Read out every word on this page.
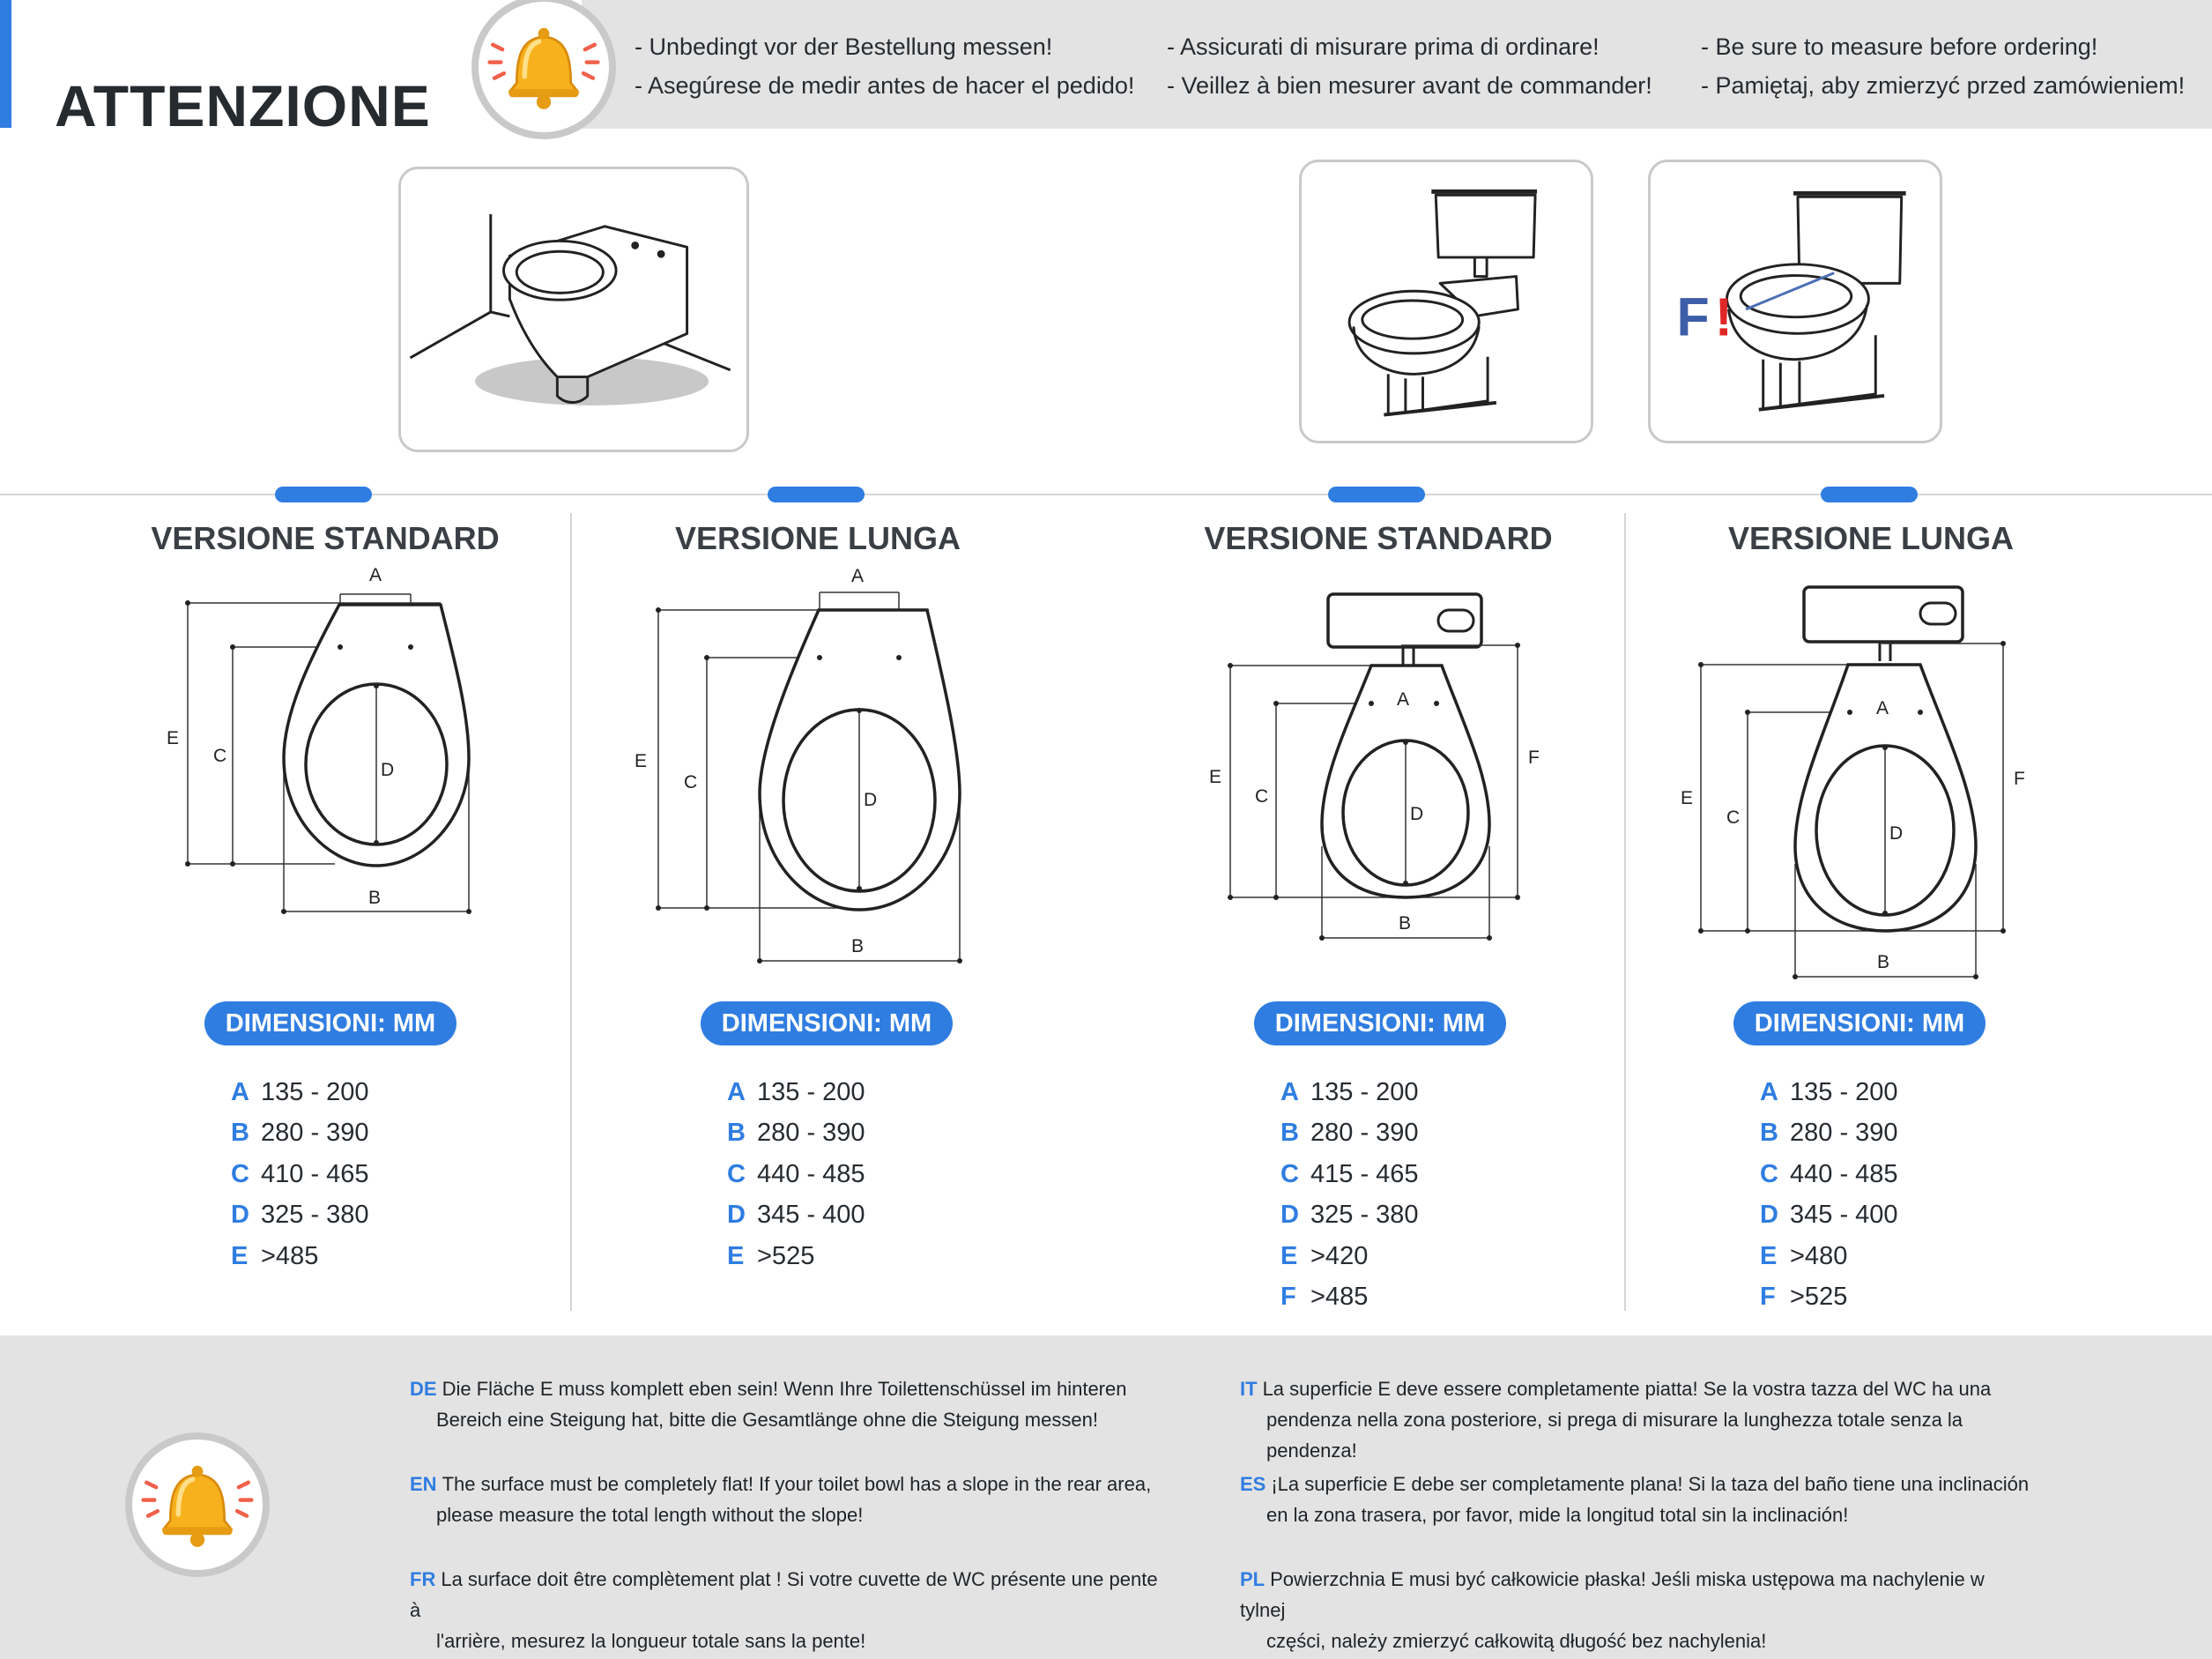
ATTENZIONE
- Unbedingt vor der Bestellung messen!
- Asegúrese de medir antes de hacer el pedido!
- Assicurati di misurare prima di ordinare!
- Veillez à bien mesurer avant de commander!
- Be sure to measure before ordering!
- Pamiętaj, aby zmierzyć przed zamówieniem!
F !
VERSIONE STANDARD	VERSIONE LUNGA	VERSIONE STANDARD	VERSIONE LUNGA
A
B
C
D
E
A
B
C
D
E
A
B
C
D
E
F
A
B
C
D
E
F
DIMENSIONI: MM	DIMENSIONI: MM	DIMENSIONI: MM	DIMENSIONI: MM
A 135 - 200
B 280 - 390
C 410 - 465
D 325 - 380
E >485
A 135 - 200
B 280 - 390
C 440 - 485
D 345 - 400
E >525
A 135 - 200
B 280 - 390
C 415 - 465
D 325 - 380
E >420
F >485
A 135 - 200
B 280 - 390
C 440 - 485
D 345 - 400
E >480
F >525
DE Die Fläche E muss komplett eben sein! Wenn Ihre Toilettenschüssel im hinteren
Bereich eine Steigung hat, bitte die Gesamtlänge ohne die Steigung messen!
EN The surface must be completely flat! If your toilet bowl has a slope in the rear area,
please measure the total length without the slope!
FR La surface doit être complètement plat ! Si votre cuvette de WC présente une pente à
l'arrière, mesurez la longueur totale sans la pente!
IT La superficie E deve essere completamente piatta! Se la vostra tazza del WC ha una
pendenza nella zona posteriore, si prega di misurare la lunghezza totale senza la pendenza!
ES ¡La superficie E debe ser completamente plana! Si la taza del baño tiene una inclinación
en la zona trasera, por favor, mide la longitud total sin la inclinación!
PL Powierzchnia E musi być całkowicie płaska! Jeśli miska ustępowa ma nachylenie w tylnej
części, należy zmierzyć całkowitą długość bez nachylenia!
